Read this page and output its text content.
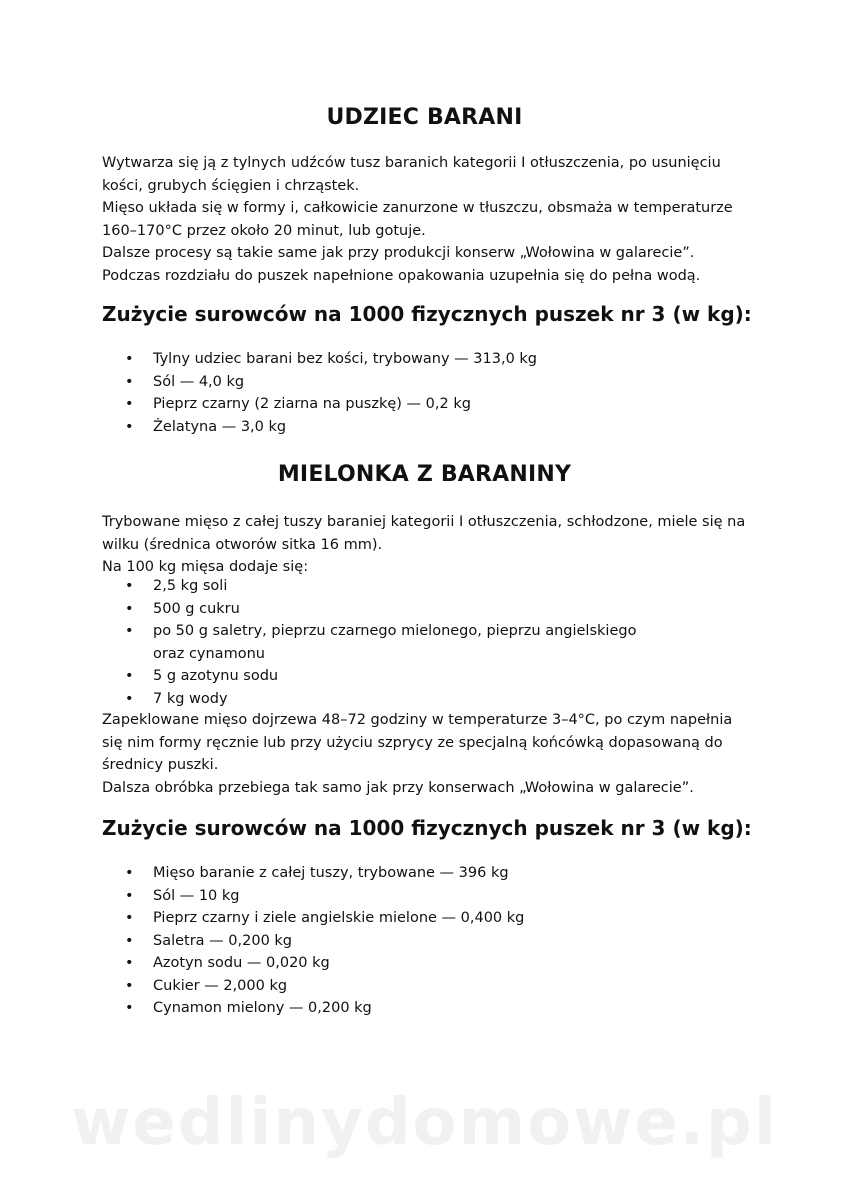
UDZIEC BARANI

Wytwarza się ją z tylnych udźców tusz baranich kategorii I otłuszczenia, po usunięciu kości, grubych ścięgien i chrząstek.

Mięso układa się w formy i, całkowicie zanurzone w tłuszczu, obsmaża w temperaturze 160–170°C przez około 20 minut, lub gotuje.

Dalsze procesy są takie same jak przy produkcji konserw „Wołowina w galarecie”.

Podczas rozdziału do puszek napełnione opakowania uzupełnia się do pełna wodą.

Zużycie surowców na 1000 fizycznych puszek nr 3 (w kg):
• Tylny udziec barani bez kości, trybowany — 313,0 kg
• Sól — 4,0 kg
• Pieprz czarny (2 ziarna na puszkę) — 0,2 kg
• Żelatyna — 3,0 kg
MIELONKA Z BARANINY

Trybowane mięso z całej tuszy baraniej kategorii I otłuszczenia, schłodzone, miele się na wilku (średnica otworów sitka 16 mm).

Na 100 kg mięsa dodaje się:

• 2,5 kg soli
• 500 g cukru
• po 50 g saletry, pieprzu czarnego mielonego, pieprzu angielskiego oraz cynamonu
• 5 g azotynu sodu
• 7 kg wody

Zapeklowane mięso dojrzewa 48–72 godziny w temperaturze 3–4°C, po czym napełnia się nim formy ręcznie lub przy użyciu szprycy ze specjalną końcówką dopasowaną do średnicy puszki.

Dalsza obróbka przebiega tak samo jak przy konserwach „Wołowina w galarecie”.

Zużycie surowców na 1000 fizycznych puszek nr 3 (w kg):
• Mięso baranie z całej tuszy, trybowane — 396 kg
• Sól — 10 kg
• Pieprz czarny i ziele angielskie mielone — 0,400 kg
• Saletra — 0,200 kg
• Azotyn sodu — 0,020 kg
• Cukier — 2,000 kg
• Cynamon mielony — 0,200 kg
wedlinydomowe.pl
